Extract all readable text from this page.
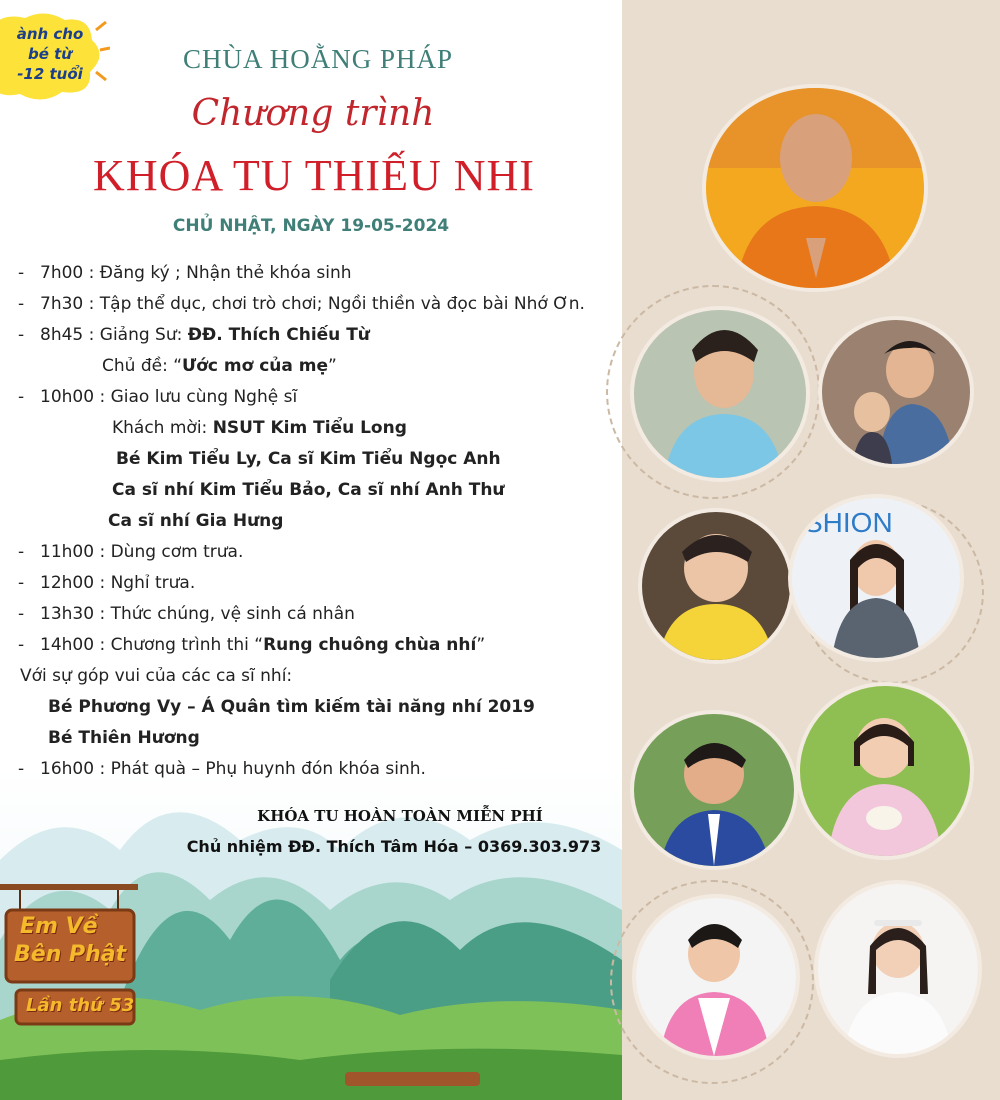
ành cho
bé từ
-12 tuổi	CHÙA HOẰNG PHÁP
Chương trình
KHÓA TU THIẾU NHI
CHỦ NHẬT, NGÀY 19-05-2024
- 7h00 : Đăng ký ; Nhận thẻ khóa sinh
- 7h30 : Tập thể dục, chơi trò chơi; Ngồi thiền và đọc bài Nhớ Ơn.
- 8h45 : Giảng Sư: ĐĐ. Thích Chiếu Từ
Chủ đề: “Ước mơ của mẹ”
- 10h00 : Giao lưu cùng Nghệ sĩ
Khách mời: NSUT Kim Tiểu Long
Bé Kim Tiểu Ly, Ca sĩ Kim Tiểu Ngọc Anh
Ca sĩ nhí Kim Tiểu Bảo, Ca sĩ nhí Anh Thư
Ca sĩ nhí Gia Hưng
- 11h00 : Dùng cơm trưa.
- 12h00 : Nghỉ trưa.
- 13h30 : Thức chúng, vệ sinh cá nhân
- 14h00 : Chương trình thi “Rung chuông chùa nhí”
Với sự góp vui của các ca sĩ nhí:
Bé Phương Vy – Á Quân tìm kiếm tài năng nhí 2019
Bé Thiên Hương
- 16h00 : Phát quà – Phụ huynh đón khóa sinh.
Em Về
Bên Phật
Lần thứ 53
KHÓA TU HOÀN TOÀN MIỄN PHÍ
Chủ nhiệm ĐĐ. Thích Tâm Hóa – 0369.303.973
SHION
